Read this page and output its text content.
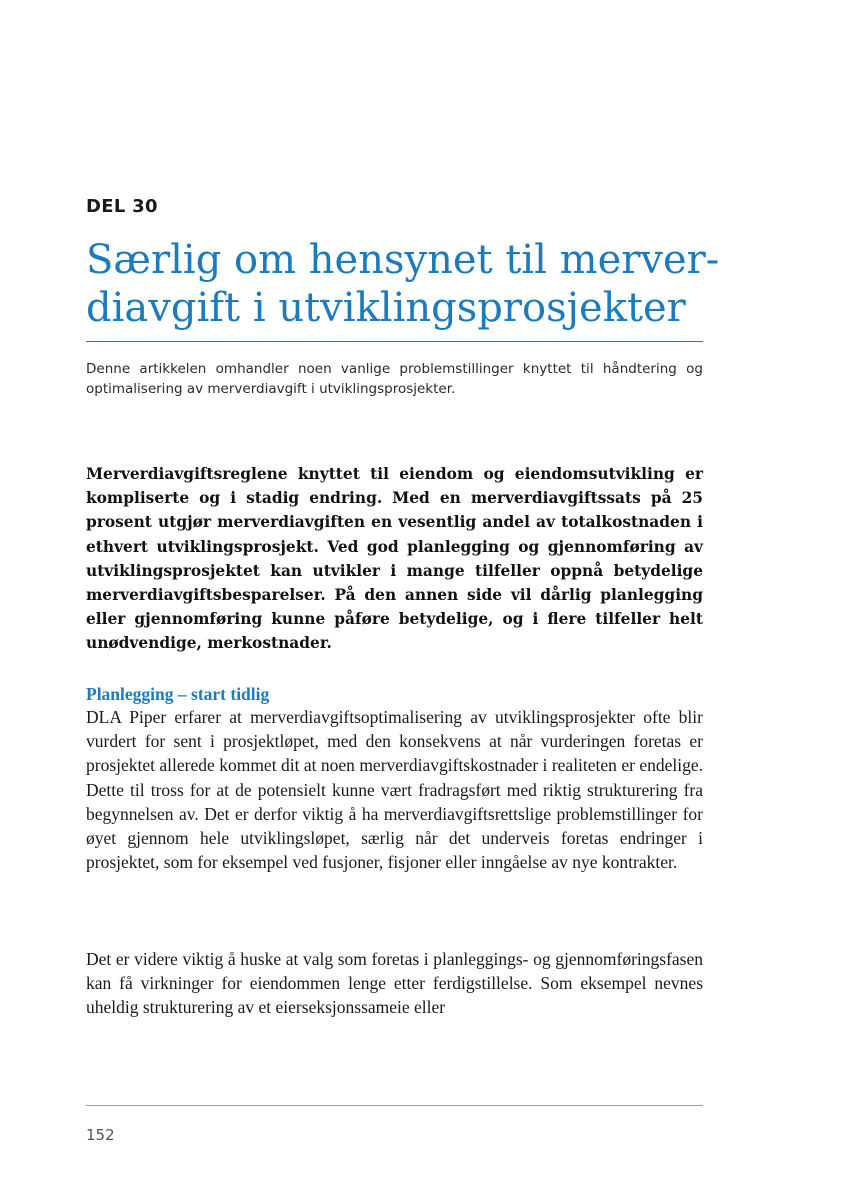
DEL 30
Særlig om hensynet til merver-
diavgift i utviklingsprosjekter

Denne artikkelen omhandler noen vanlige problemstillinger knyttet til håndtering og optimalisering av merverdiavgift i utviklingsprosjekter.

Merverdiavgiftsreglene knyttet til eiendom og eiendomsutvikling er kompliserte og i stadig endring. Med en merverdiavgiftssats på 25 prosent utgjør merverdiavgiften en vesentlig andel av totalkostnaden i ethvert utviklingsprosjekt. Ved god planlegging og gjennomføring av utviklingsprosjektet kan utvikler i mange tilfeller oppnå betydelige merverdiavgiftsbesparelser. På den annen side vil dårlig planlegging eller gjennomføring kunne påføre betydelige, og i flere tilfeller helt unødvendige, merkostnader.

Planlegging – start tidlig

DLA Piper erfarer at merverdiavgiftsoptimalisering av utviklingsprosjekter ofte blir vurdert for sent i prosjektløpet, med den konsekvens at når vurderingen foretas er prosjektet allerede kommet dit at noen merverdiavgiftskostnader i realiteten er endelige. Dette til tross for at de potensielt kunne vært fradragsført med riktig strukturering fra begynnelsen av. Det er derfor viktig å ha merverdiavgiftsrettslige problemstillinger for øyet gjennom hele utviklingsløpet, særlig når det underveis foretas endringer i prosjektet, som for eksempel ved fusjoner, fisjoner eller inngåelse av nye kontrakter.

Det er videre viktig å huske at valg som foretas i planleggings- og gjennomføringsfasen kan få virkninger for eiendommen lenge etter ferdigstillelse. Som eksempel nevnes uheldig strukturering av et eierseksjonssameie eller

152
